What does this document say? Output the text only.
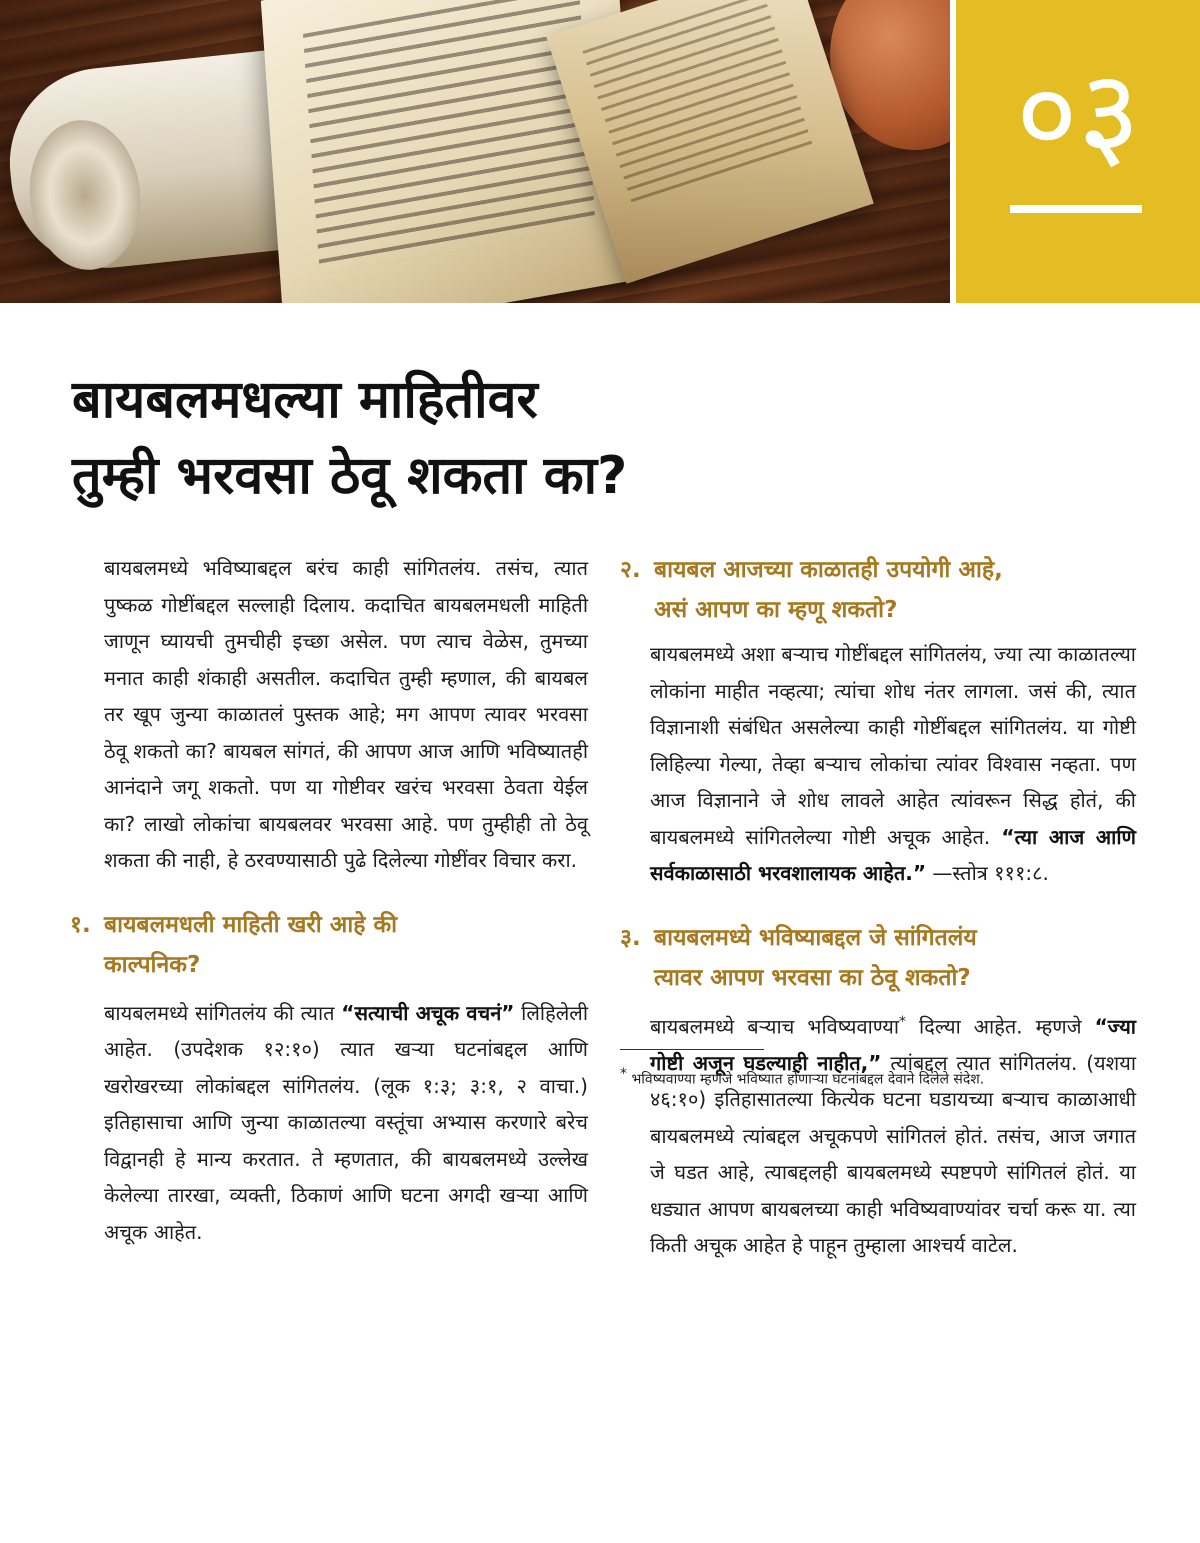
०३
बायबलमधल्या माहितीवर
तुम्ही भरवसा ठेवू शकता का?

बायबलमध्ये भविष्याबद्दल बरंच काही सांगितलंय. तसंच, त्यात पुष्कळ गोष्टींबद्दल सल्लाही दिलाय. कदाचित बायबलमधली माहिती जाणून घ्यायची तुमचीही इच्छा असेल. पण त्याच वेळेस, तुमच्या मनात काही शंकाही असतील. कदाचित तुम्ही म्हणाल, की बायबल तर खूप जुन्या काळातलं पुस्तक आहे; मग आपण त्यावर भरवसा ठेवू शकतो का? बायबल सांगतं, की आपण आज आणि भविष्यातही आनंदाने जगू शकतो. पण या गोष्टीवर खरंच भरवसा ठेवता येईल का? लाखो लोकांचा बायबलवर भरवसा आहे. पण तुम्हीही तो ठेवू शकता की नाही, हे ठरवण्यासाठी पुढे दिलेल्या गोष्टींवर विचार करा.

१. बायबलमधली माहिती खरी आहे की
काल्पनिक?

बायबलमध्ये सांगितलंय की त्यात “सत्याची अचूक वचनं” लिहिलेली आहेत. (उपदेशक १२:१०) त्यात खऱ्या घटनांबद्दल आणि खरोखरच्या लोकांबद्दल सांगितलंय. (लूक १:३; ३:१, २ वाचा.) इतिहासाचा आणि जुन्या काळातल्या वस्तूंचा अभ्यास करणारे बरेच विद्वानही हे मान्य करतात. ते म्हणतात, की बायबलमध्ये उल्लेख केलेल्या तारखा, व्यक्ती, ठिकाणं आणि घटना अगदी खऱ्या आणि अचूक आहेत.

२. बायबल आजच्या काळातही उपयोगी आहे,
असं आपण का म्हणू शकतो?

बायबलमध्ये अशा बऱ्याच गोष्टींबद्दल सांगितलंय, ज्या त्या काळातल्या लोकांना माहीत नव्हत्या; त्यांचा शोध नंतर लागला. जसं की, त्यात विज्ञानाशी संबंधित असलेल्या काही गोष्टींबद्दल सांगितलंय. या गोष्टी लिहिल्या गेल्या, तेव्हा बऱ्याच लोकांचा त्यांवर विश्वास नव्हता. पण आज विज्ञानाने जे शोध लावले आहेत त्यांवरून सिद्ध होतं, की बायबलमध्ये सांगितलेल्या गोष्टी अचूक आहेत. “त्या आज आणि सर्वकाळासाठी भरवशालायक आहेत.” —स्तोत्र १११:८.

३. बायबलमध्ये भविष्याबद्दल जे सांगितलंय
त्यावर आपण भरवसा का ठेवू शकतो?

बायबलमध्ये बऱ्याच भविष्यवाण्या* दिल्या आहेत. म्हणजे “ज्या गोष्टी अजून घडल्याही नाहीत,” त्यांबद्दल त्यात सांगितलंय. (यशया ४६:१०) इतिहासातल्या कित्येक घटना घडायच्या बऱ्याच काळाआधी बायबलमध्ये त्यांबद्दल अचूकपणे सांगितलं होतं. तसंच, आज जगात जे घडत आहे, त्याबद्दलही बायबलमध्ये स्पष्टपणे सांगितलं होतं. या धड्यात आपण बायबलच्या काही भविष्यवाण्यांवर चर्चा करू या. त्या किती अचूक आहेत हे पाहून तुम्हाला आश्‍चर्य वाटेल.

* भविष्यवाण्या म्हणजे भविष्यात होणाऱ्या घटनांबद्दल देवाने दिलेले संदेश.
